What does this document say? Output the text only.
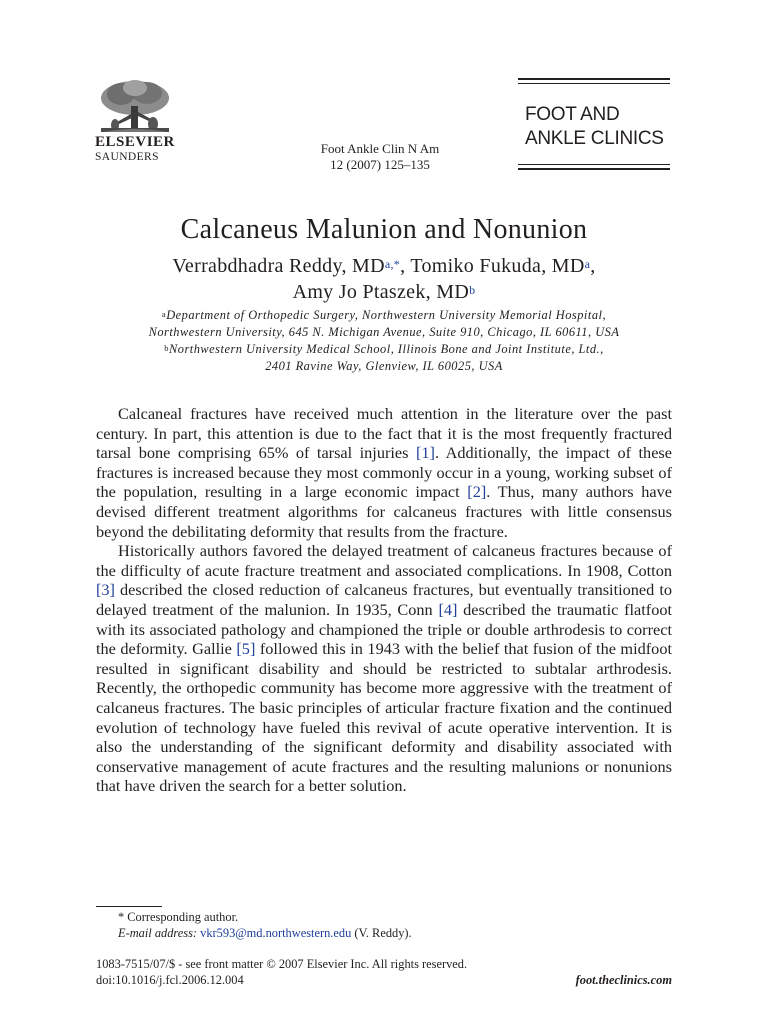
ELSEVIER
SAUNDERS
Foot Ankle Clin N Am
12 (2007) 125–135
FOOT AND
ANKLE CLINICS
Calcaneus Malunion and Nonunion
Verrabdhadra Reddy, $MD^{a,*}$, Tomiko Fukuda, $MD^a$,
Amy Jo Ptaszek, $MD^b$
$^a$Department of Orthopedic Surgery, Northwestern University Memorial Hospital,
Northwestern University, 645 N. Michigan Avenue, Suite 910, Chicago, IL 60611, USA
$^b$Northwestern University Medical School, Illinois Bone and Joint Institute, Ltd.,
2401 Ravine Way, Glenview, IL 60025, USA

Calcaneal fractures have received much attention in the literature over the past century. In part, this attention is due to the fact that it is the most frequently fractured tarsal bone comprising 65% of tarsal injuries [1]. Additionally, the impact of these fractures is increased because they most commonly occur in a young, working subset of the population, resulting in a large economic impact [2]. Thus, many authors have devised different treatment algorithms for calcaneus fractures with little consensus beyond the debilitating deformity that results from the fracture.

Historically authors favored the delayed treatment of calcaneus fractures because of the difficulty of acute fracture treatment and associated complications. In 1908, Cotton [3] described the closed reduction of calcaneus fractures, but eventually transitioned to delayed treatment of the malunion. In 1935, Conn [4] described the traumatic flatfoot with its associated pathology and championed the triple or double arthrodesis to correct the deformity. Gallie [5] followed this in 1943 with the belief that fusion of the midfoot resulted in significant disability and should be restricted to subtalar arthrodesis. Recently, the orthopedic community has become more aggressive with the treatment of calcaneus fractures. The basic principles of articular fracture fixation and the continued evolution of technology have fueled this revival of acute operative intervention. It is also the understanding of the significant deformity and disability associated with conservative management of acute fractures and the resulting malunions or nonunions that have driven the search for a better solution.

* Corresponding author.
E-mail address: vkr593@md.northwestern.edu (V. Reddy).
1083-7515/07/$ - see front matter © 2007 Elsevier Inc. All rights reserved.
doi:10.1016/j.fcl.2006.12.004	foot.theclinics.com
